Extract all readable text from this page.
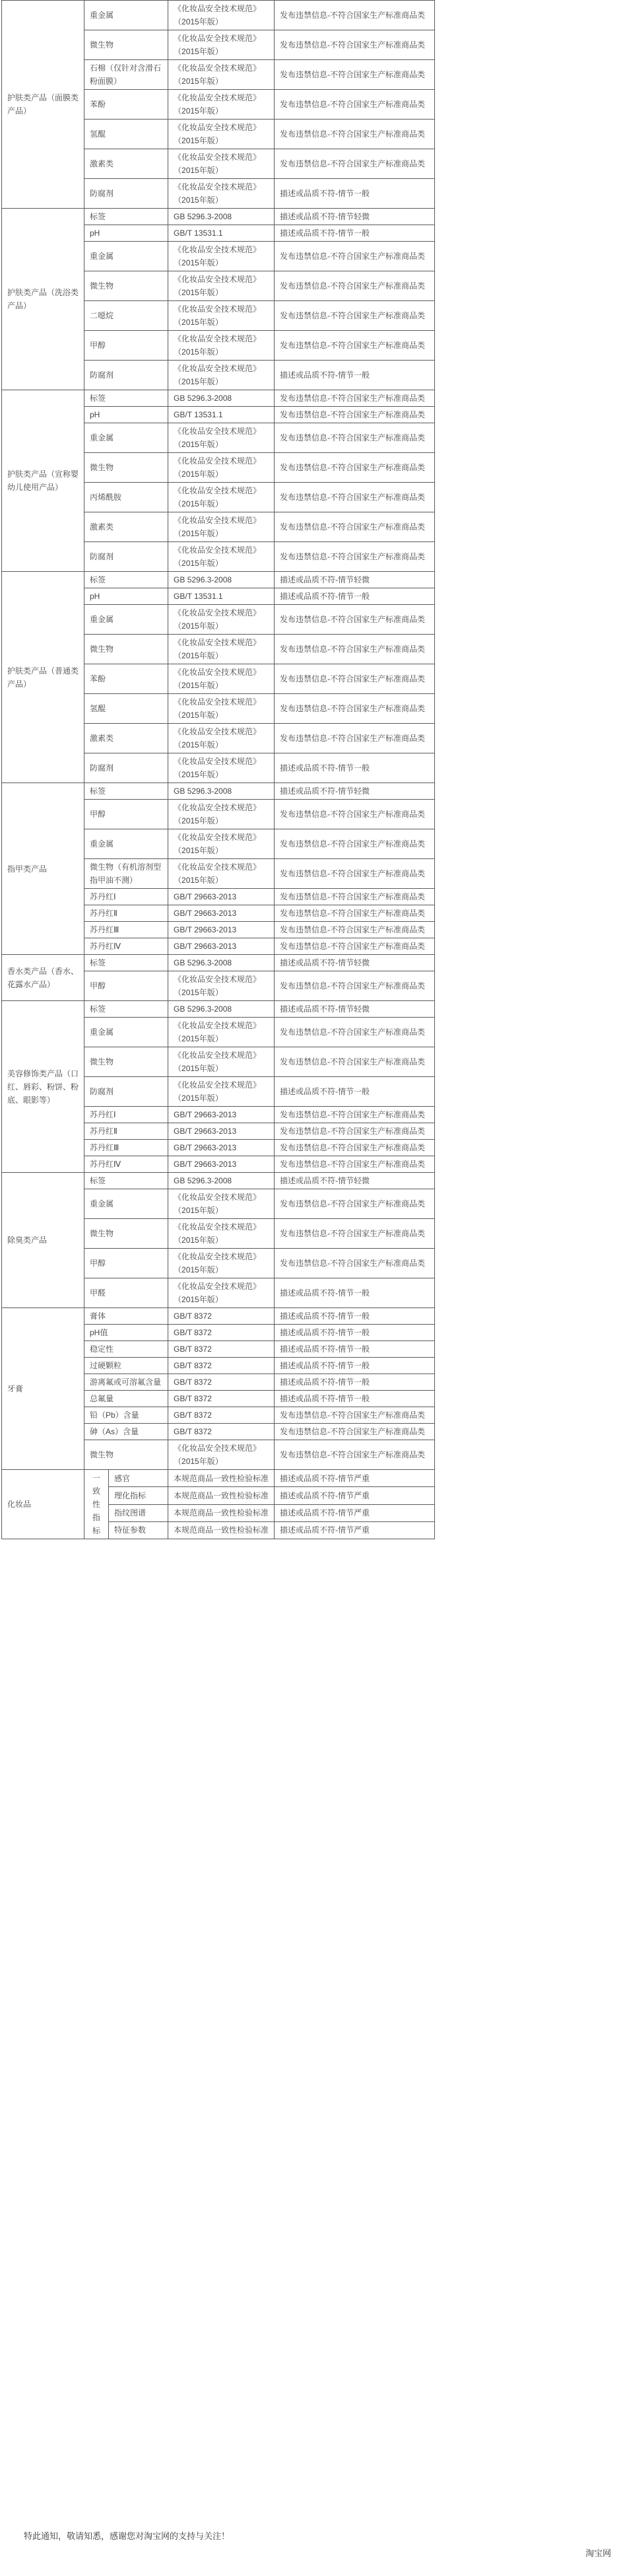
护肤类产品（面膜类产品）	重金属		《化妆品安全技术规范》（2015年版）	发布违禁信息-不符合国家生产标准商品类
	微生物		《化妆品安全技术规范》（2015年版）	发布违禁信息-不符合国家生产标准商品类
	石棉（仅针对含滑石粉面膜）		《化妆品安全技术规范》（2015年版）	发布违禁信息-不符合国家生产标准商品类
	苯酚		《化妆品安全技术规范》（2015年版）	发布违禁信息-不符合国家生产标准商品类
	氢醌		《化妆品安全技术规范》（2015年版）	发布违禁信息-不符合国家生产标准商品类
	激素类		《化妆品安全技术规范》（2015年版）	发布违禁信息-不符合国家生产标准商品类
	防腐剂		《化妆品安全技术规范》（2015年版）	描述或品质不符-情节一般
护肤类产品（洗浴类产品）	标签		GB 5296.3-2008	描述或品质不符-情节轻微
	pH		GB/T 13531.1	描述或品质不符-情节一般
	重金属		《化妆品安全技术规范》（2015年版）	发布违禁信息-不符合国家生产标准商品类
	微生物		《化妆品安全技术规范》（2015年版）	发布违禁信息-不符合国家生产标准商品类
	二噁烷		《化妆品安全技术规范》（2015年版）	发布违禁信息-不符合国家生产标准商品类
	甲醇		《化妆品安全技术规范》（2015年版）	发布违禁信息-不符合国家生产标准商品类
	防腐剂		《化妆品安全技术规范》（2015年版）	描述或品质不符-情节一般
护肤类产品（宣称婴幼儿使用产品）	标签		GB 5296.3-2008	发布违禁信息-不符合国家生产标准商品类
	pH		GB/T 13531.1	发布违禁信息-不符合国家生产标准商品类
	重金属		《化妆品安全技术规范》（2015年版）	发布违禁信息-不符合国家生产标准商品类
	微生物		《化妆品安全技术规范》（2015年版）	发布违禁信息-不符合国家生产标准商品类
	丙烯酰胺		《化妆品安全技术规范》（2015年版）	发布违禁信息-不符合国家生产标准商品类
	激素类		《化妆品安全技术规范》（2015年版）	发布违禁信息-不符合国家生产标准商品类
	防腐剂		《化妆品安全技术规范》（2015年版）	发布违禁信息-不符合国家生产标准商品类
护肤类产品（普通类产品）	标签		GB 5296.3-2008	描述或品质不符-情节轻微
	pH		GB/T 13531.1	描述或品质不符-情节一般
	重金属		《化妆品安全技术规范》（2015年版）	发布违禁信息-不符合国家生产标准商品类
	微生物		《化妆品安全技术规范》（2015年版）	发布违禁信息-不符合国家生产标准商品类
	苯酚		《化妆品安全技术规范》（2015年版）	发布违禁信息-不符合国家生产标准商品类
	氢醌		《化妆品安全技术规范》（2015年版）	发布违禁信息-不符合国家生产标准商品类
	激素类		《化妆品安全技术规范》（2015年版）	发布违禁信息-不符合国家生产标准商品类
	防腐剂		《化妆品安全技术规范》（2015年版）	描述或品质不符-情节一般
指甲类产品	标签		GB 5296.3-2008	描述或品质不符-情节轻微
	甲醇		《化妆品安全技术规范》（2015年版）	发布违禁信息-不符合国家生产标准商品类
	重金属		《化妆品安全技术规范》（2015年版）	发布违禁信息-不符合国家生产标准商品类
	微生物（有机溶剂型指甲油不测）		《化妆品安全技术规范》（2015年版）	发布违禁信息-不符合国家生产标准商品类
	苏丹红Ⅰ		GB/T 29663-2013	发布违禁信息-不符合国家生产标准商品类
	苏丹红Ⅱ		GB/T 29663-2013	发布违禁信息-不符合国家生产标准商品类
	苏丹红Ⅲ		GB/T 29663-2013	发布违禁信息-不符合国家生产标准商品类
	苏丹红Ⅳ		GB/T 29663-2013	发布违禁信息-不符合国家生产标准商品类
香水类产品（香水、花露水产品）	标签		GB 5296.3-2008	描述或品质不符-情节轻微
	甲醇		《化妆品安全技术规范》（2015年版）	发布违禁信息-不符合国家生产标准商品类
美容修饰类产品（口红、唇彩、粉饼、粉底、眼影等）	标签		GB 5296.3-2008	描述或品质不符-情节轻微
	重金属		《化妆品安全技术规范》（2015年版）	发布违禁信息-不符合国家生产标准商品类
	微生物		《化妆品安全技术规范》（2015年版）	发布违禁信息-不符合国家生产标准商品类
	防腐剂		《化妆品安全技术规范》（2015年版）	描述或品质不符-情节一般
	苏丹红Ⅰ		GB/T 29663-2013	发布违禁信息-不符合国家生产标准商品类
	苏丹红Ⅱ		GB/T 29663-2013	发布违禁信息-不符合国家生产标准商品类
	苏丹红Ⅲ		GB/T 29663-2013	发布违禁信息-不符合国家生产标准商品类
	苏丹红Ⅳ		GB/T 29663-2013	发布违禁信息-不符合国家生产标准商品类
除臭类产品	标签		GB 5296.3-2008	描述或品质不符-情节轻微
	重金属		《化妆品安全技术规范》（2015年版）	发布违禁信息-不符合国家生产标准商品类
	微生物		《化妆品安全技术规范》（2015年版）	发布违禁信息-不符合国家生产标准商品类
	甲醇		《化妆品安全技术规范》（2015年版）	发布违禁信息-不符合国家生产标准商品类
	甲醛		《化妆品安全技术规范》（2015年版）	描述或品质不符-情节一般
牙膏	膏体		GB/T 8372	描述或品质不符-情节一般
	pH值		GB/T 8372	描述或品质不符-情节一般
	稳定性		GB/T 8372	描述或品质不符-情节一般
	过硬颗粒		GB/T 8372	描述或品质不符-情节一般
	游离氟或可溶氟含量		GB/T 8372	描述或品质不符-情节一般
	总氟量		GB/T 8372	描述或品质不符-情节一般
	铅（Pb）含量		GB/T 8372	发布违禁信息-不符合国家生产标准商品类
	砷（As）含量		GB/T 8372	发布违禁信息-不符合国家生产标准商品类
	微生物		《化妆品安全技术规范》（2015年版）	发布违禁信息-不符合国家生产标准商品类
化妆品	一致性指标	感官	本规范商品一致性检验标准	描述或品质不符-情节严重
		理化指标	本规范商品一致性检验标准	描述或品质不符-情节严重
		指纹图谱	本规范商品一致性检验标准	描述或品质不符-情节严重
		特征参数	本规范商品一致性检验标准	描述或品质不符-情节严重
特此通知，敬请知悉，感谢您对淘宝网的支持与关注！
淘宝网
